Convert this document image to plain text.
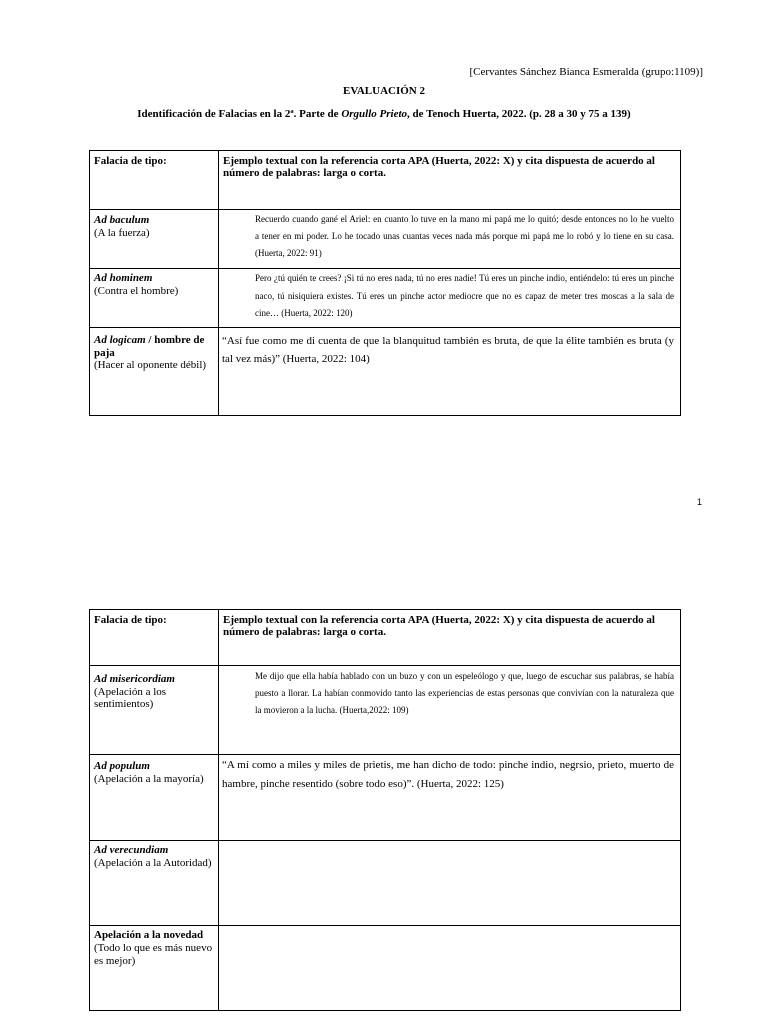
[Cervantes Sánchez Bianca Esmeralda (grupo:1109)]
EVALUACIÓN 2
Identificación de Falacias en la 2ª. Parte de Orgullo Prieto, de Tenoch Huerta, 2022. (p. 28 a 30 y 75 a 139)
Falacia de tipo:	Ejemplo textual con la referencia corta APA (Huerta, 2022: X) y cita dispuesta de acuerdo al número de palabras: larga o corta.
Ad baculum
(A la fuerza)
Recuerdo cuando gané el Ariel: en cuanto lo tuve en la mano mi papá me lo quitó; desde entonces no lo he vuelto
a tener en mi poder. Lo he tocado unas cuantas veces nada más porque mi papá me lo robó y lo tiene en su casa.
(Huerta, 2022: 91)
Ad hominem
(Contra el hombre)
Pero ¿tú quién te crees? ¡Si tú no eres nada, tú no eres nadie! Tú eres un pinche indio, entiéndelo: tú eres un pinche
naco, tú nisiquiera existes. Tú eres un pinche actor mediocre que no es capaz de meter tres moscas a la sala de
cine… (Huerta, 2022: 120)
Ad logicam / hombre de paja
(Hacer al oponente débil)
“Así fue como me di cuenta de que la blanquitud también es bruta, de que la élite también es bruta (y
tal vez más)” (Huerta, 2022: 104)
1
Falacia de tipo:	Ejemplo textual con la referencia corta APA (Huerta, 2022: X) y cita dispuesta de acuerdo al número de palabras: larga o corta.
Ad misericordiam
(Apelación a los sentimientos)
Me dijo que ella había hablado con un buzo y con un espeleólogo y que, luego de escuchar sus palabras, se había
puesto a llorar. La habían conmovido tanto las experiencias de estas personas que convivían con la naturaleza que
la movieron a la lucha. (Huerta,2022: 109)
Ad populum
(Apelación a la mayoría)
“A mí como a miles y miles de prietis, me han dicho de todo: pinche indio, negrsio, prieto, muerto de
hambre, pinche resentido (sobre todo eso)”. (Huerta, 2022: 125)
Ad verecundiam
(Apelación a la Autoridad)
Apelación a la novedad
(Todo lo que es más nuevo es mejor)
